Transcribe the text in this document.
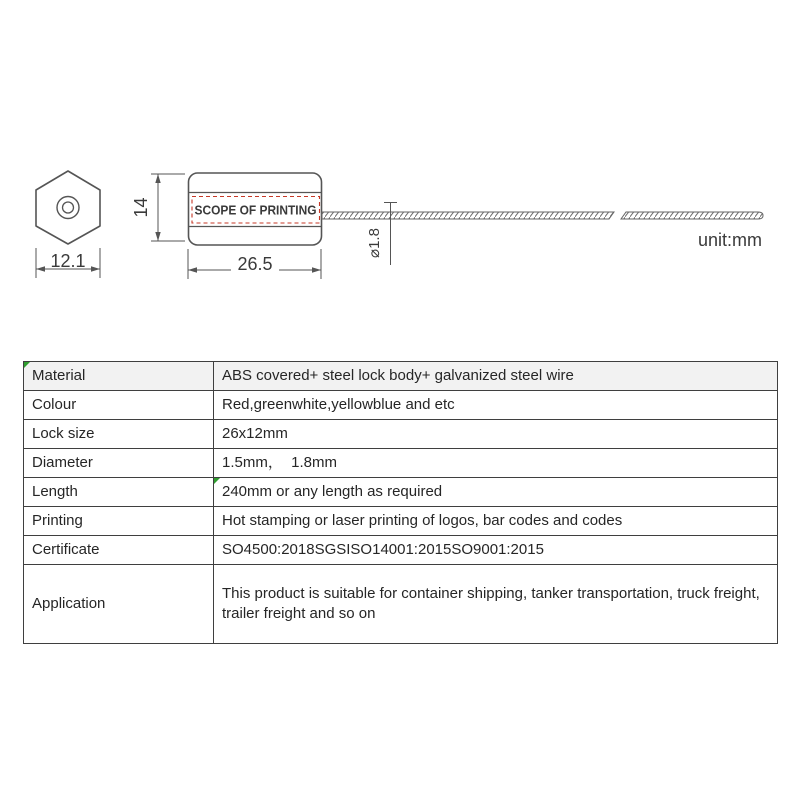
12.1
SCOPE OF PRINTING
14
26.5
⌀1.8	unit:mm
Material	ABS covered+ steel lock body+ galvanized steel wire
Colour	Red,greenwhite,yellowblue and etc
Lock size	26x12mm
Diameter	1.5mm，  1.8mm
Length	240mm or any length as required
Printing	Hot stamping or laser printing of logos, bar codes and codes
Certificate	SO4500:2018SGSISO14001:2015SO9001:2015
Application	This product is suitable for container shipping, tanker transportation, truck freight, trailer freight and so on
